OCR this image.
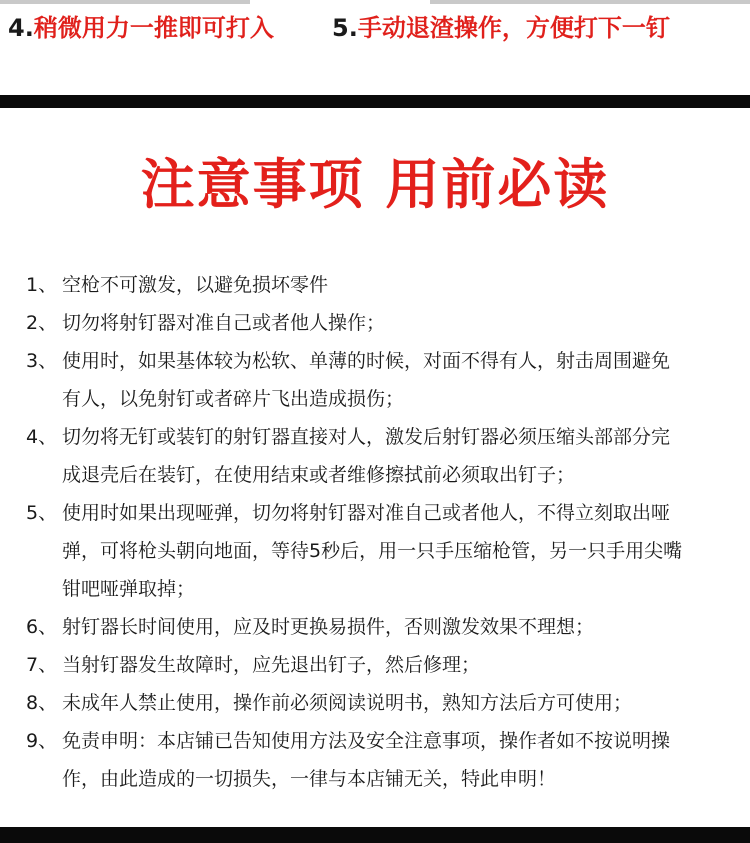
4.稍微用力一推即可打入 5.手动退渣操作，方便打下一钉
注意事项 用前必读
1、 空枪不可激发，以避免损坏零件
2、 切勿将射钉器对准自己或者他人操作；
3、 使用时，如果基体较为松软、单薄的时候，对面不得有人，射击周围避免
有人，以免射钉或者碎片飞出造成损伤；
4、 切勿将无钉或装钉的射钉器直接对人，激发后射钉器必须压缩头部部分完
成退壳后在装钉，在使用结束或者维修擦拭前必须取出钉子；
5、 使用时如果出现哑弹，切勿将射钉器对准自己或者他人，不得立刻取出哑
弹，可将枪头朝向地面，等待5秒后，用一只手压缩枪管，另一只手用尖嘴
钳吧哑弹取掉；
6、 射钉器长时间使用，应及时更换易损件，否则激发效果不理想；
7、 当射钉器发生故障时，应先退出钉子，然后修理；
8、 未成年人禁止使用，操作前必须阅读说明书，熟知方法后方可使用；
9、 免责申明：本店铺已告知使用方法及安全注意事项，操作者如不按说明操
作，由此造成的一切损失，一律与本店铺无关，特此申明！
